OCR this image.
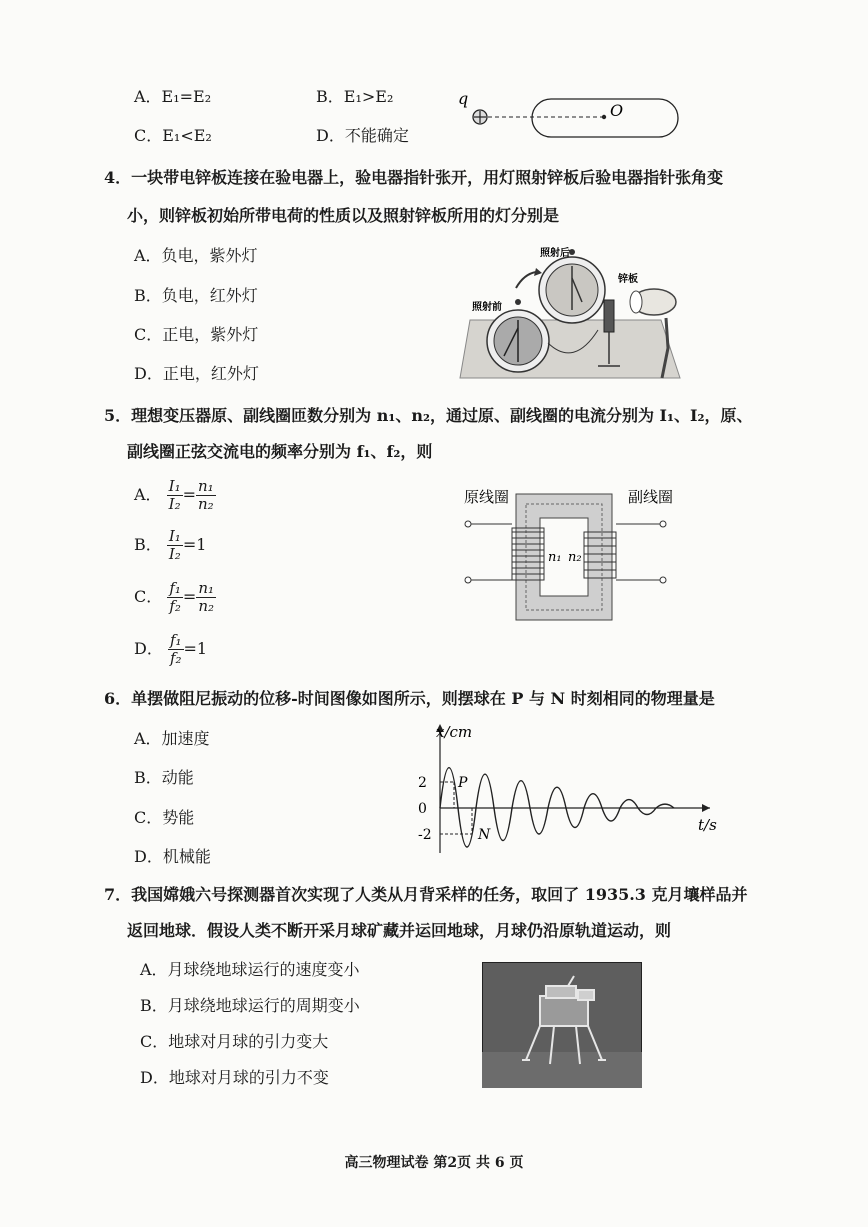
A．E₁=E₂	B．E₁>E₂
C．E₁<E₂	D．不能确定
q
O
4．一块带电锌板连接在验电器上，验电器指针张开，用灯照射锌板后验电器指针张角变
小，则锌板初始所带电荷的性质以及照射锌板所用的灯分别是
A．负电，紫外灯
B．负电，红外灯
C．正电，紫外灯
D．正电，红外灯
照射后
照射前
锌板
5．理想变压器原、副线圈匝数分别为 n₁、n₂，通过原、副线圈的电流分别为 I₁、I₂，原、
副线圈正弦交流电的频率分别为 f₁、f₂，则
A． $\frac{\text{I₁}}{\text{I₂}} = \frac{\text{n₁}}{\text{n₂}}$
B． $\frac{\text{I₁}}{\text{I₂}} =1$
C． $\frac{\text{f₁}}{\text{f₂}} = \frac{\text{n₁}}{\text{n₂}}$
D． $\frac{\text{f₁}}{\text{f₂}} =1$
原线圈	副线圈
n₁ n₂
6．单摆做阻尼振动的位移-时间图像如图所示，则摆球在 P 与 N 时刻相同的物理量是
A．加速度
B．动能
C．势能
D．机械能
x/cm
t/s
2
0
-2
P
N
7．我国嫦娥六号探测器首次实现了人类从月背采样的任务，取回了 1935.3 克月壤样品并
返回地球．假设人类不断开采月球矿藏并运回地球，月球仍沿原轨道运动，则
A．月球绕地球运行的速度变小
B．月球绕地球运行的周期变小
C．地球对月球的引力变大
D．地球对月球的引力不变
高三物理试卷 第2页 共 6 页
